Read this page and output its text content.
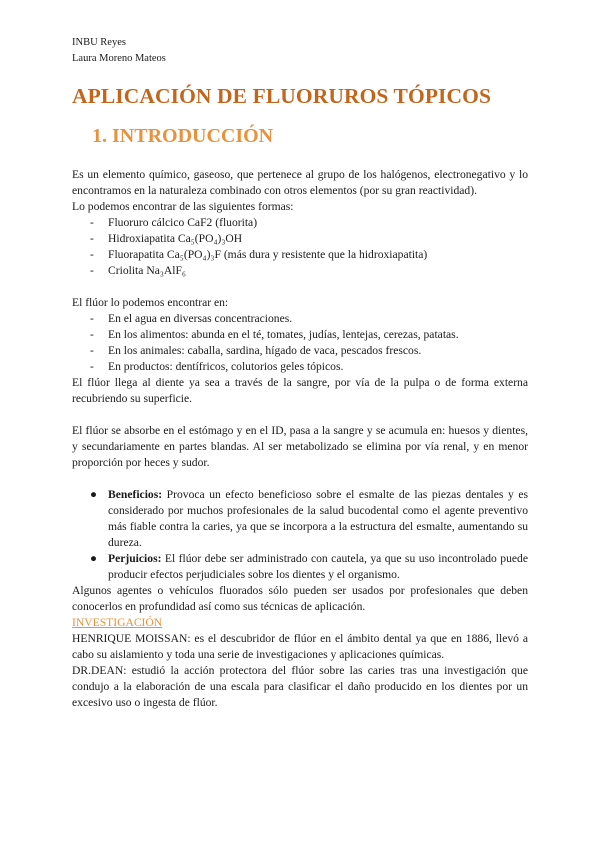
INBU Reyes
Laura Moreno Mateos
APLICACIÓN DE FLUORUROS TÓPICOS
1. INTRODUCCIÓN
Es un elemento químico, gaseoso, que pertenece al grupo de los halógenos, electronegativo y lo encontramos en la naturaleza combinado con otros elementos (por su gran reactividad).
Lo podemos encontrar de las siguientes formas:
- Fluoruro cálcico CaF2 (fluorita)
- Hidroxiapatita Ca₅(PO₄)₃OH
- Fluorapatita Ca₅(PO₄)₃F (más dura y resistente que la hidroxiapatita)
- Criolita Na₃AlF₆
El flúor lo podemos encontrar en:
- En el agua en diversas concentraciones.
- En los alimentos: abunda en el té, tomates, judías, lentejas, cerezas, patatas.
- En los animales: caballa, sardina, hígado de vaca, pescados frescos.
- En productos: dentífricos, colutorios geles tópicos.
El flúor llega al diente ya sea a través de la sangre, por vía de la pulpa o de forma externa recubriendo su superficie.
El flúor se absorbe en el estómago y en el ID, pasa a la sangre y se acumula en: huesos y dientes, y secundariamente en partes blandas. Al ser metabolizado se elimina por vía renal, y en menor proporción por heces y sudor.
● Beneficios: Provoca un efecto beneficioso sobre el esmalte de las piezas dentales y es considerado por muchos profesionales de la salud bucodental como el agente preventivo más fiable contra la caries, ya que se incorpora a la estructura del esmalte, aumentando su dureza.
● Perjuicios: El flúor debe ser administrado con cautela, ya que su uso incontrolado puede producir efectos perjudiciales sobre los dientes y el organismo.
Algunos agentes o vehículos fluorados sólo pueden ser usados por profesionales que deben conocerlos en profundidad así como sus técnicas de aplicación.
INVESTIGACIÓN
HENRIQUE MOISSAN: es el descubridor de flúor en el ámbito dental ya que en 1886, llevó a cabo su aislamiento y toda una serie de investigaciones y aplicaciones químicas.
DR.DEAN: estudió la acción protectora del flúor sobre las caries tras una investigación que condujo a la elaboración de una escala para clasificar el daño producido en los dientes por un excesivo uso o ingesta de flúor.
